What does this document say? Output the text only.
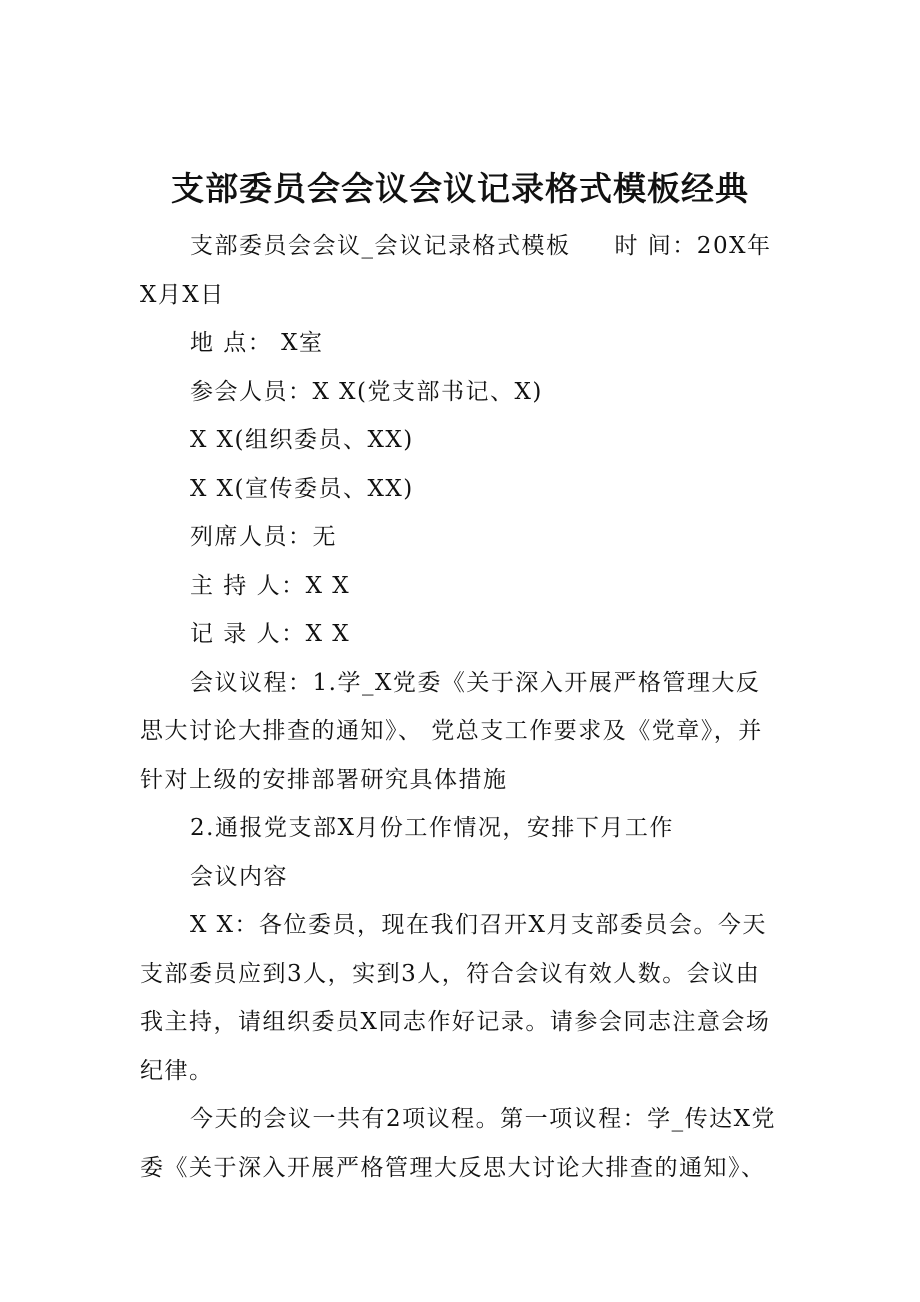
支部委员会会议会议记录格式模板经典

支部委员会会议_会议记录格式模板 时 间：20X年X月X日

地 点： X室

参会人员：X X(党支部书记、X)

X X(组织委员、XX)

X X(宣传委员、XX)

列席人员：无

主 持 人：X X

记 录 人：X X

会议议程：1.学_X党委《关于深入开展严格管理大反思大讨论大排查的通知》、 党总支工作要求及《党章》，并针对上级的安排部署研究具体措施

2.通报党支部X月份工作情况，安排下月工作

会议内容

X X：各位委员，现在我们召开X月支部委员会。今天支部委员应到3人，实到3人，符合会议有效人数。会议由我主持，请组织委员X同志作好记录。请参会同志注意会场纪律。

今天的会议一共有2项议程。第一项议程：学_传达X党委《关于深入开展严格管理大反思大讨论大排查的通知》、
